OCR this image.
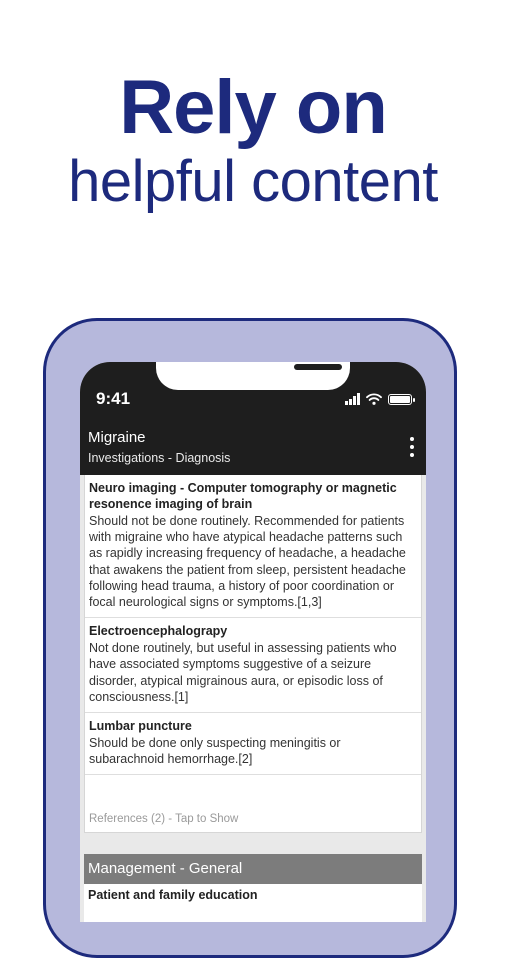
Rely on
helpful content
9:41
Migraine
Investigations - Diagnosis
Neuro imaging - Computer tomography or magnetic resonence imaging of brain
Should not be done routinely. Recommended for patients with migraine who have atypical headache patterns such as rapidly increasing frequency of headache, a headache that awakens the patient from sleep, persistent headache following head trauma, a history of poor coordination or focal neurological signs or symptoms.[1,3]
Electroencephalograpy
Not done routinely, but useful in assessing patients who have associated symptoms suggestive of a seizure disorder, atypical migrainous aura, or episodic loss of consciousness.[1]
Lumbar puncture
Should be done only suspecting meningitis or subarachnoid hemorrhage.[2]
References (2) - Tap to Show
Management - General
Patient and family education
